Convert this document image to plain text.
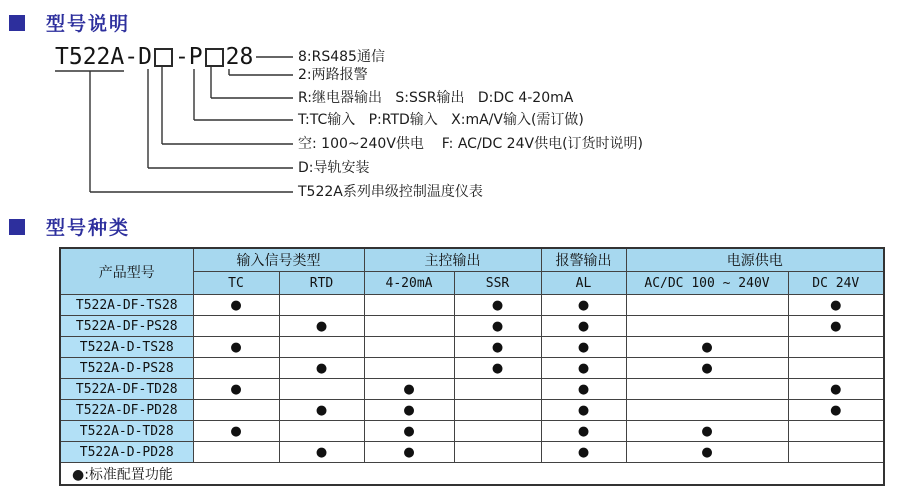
型号说明
T522A-D -P 28	8:RS485通信
2:两路报警
R:继电器输出   S:SSR输出   D:DC 4-20mA
T:TC输入   P:RTD输入   X:mA/V输入(需订做)
空: 100~240V供电    F: AC/DC 24V供电(订货时说明)
D:导轨安装
T522A系列串级控制温度仪表
型号种类
产品型号	输入信号类型		主控输出		报警输出	电源供电	
	TC	RTD	4-20mA	SSR	AL	AC/DC 100 ~ 240V	DC 24V
T522A-DF-TS28	●			●	●		●
T522A-DF-PS28		●		●	●		●
T522A-D-TS28	●			●	●	●	
T522A-D-PS28		●		●	●	●	
T522A-DF-TD28	●		●		●		●
T522A-DF-PD28		●	●		●		●
T522A-D-TD28	●		●		●	●	
T522A-D-PD28		●	●		●	●	
●:标准配置功能							
